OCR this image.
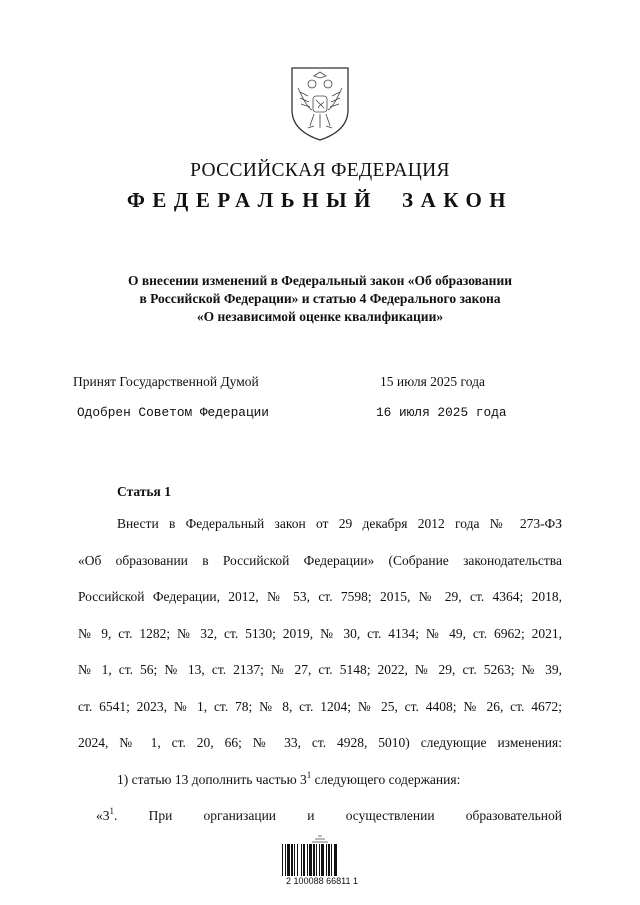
РОССИЙСКАЯ ФЕДЕРАЦИЯ
ФЕДЕРАЛЬНЫЙ ЗАКОН
О внесении изменений в Федеральный закон «Об образовании
в Российской Федерации» и статью 4 Федерального закона
«О независимой оценке квалификации»
Принят Государственной Думой	15 июля 2025 года
Одобрен Советом Федерации	16 июля 2025 года
Статья 1
Внести в Федеральный закон от 29 декабря 2012 года № 273-ФЗ
«Об образовании в Российской Федерации» (Собрание законодательства
Российской Федерации, 2012, № 53, ст. 7598; 2015, № 29, ст. 4364; 2018,
№ 9, ст. 1282; № 32, ст. 5130; 2019, № 30, ст. 4134; № 49, ст. 6962; 2021,
№ 1, ст. 56; № 13, ст. 2137; № 27, ст. 5148; 2022, № 29, ст. 5263; № 39,
ст. 6541; 2023, № 1, ст. 78; № 8, ст. 1204; № 25, ст. 4408; № 26, ст. 4672;
2024, № 1, ст. 20, 66; № 33, ст. 4928, 5010) следующие изменения:
1) статью 13 дополнить частью $3^1$ следующего содержания:
«$3^1$. При организации и осуществлении образовательной
2 100088 66811 1
